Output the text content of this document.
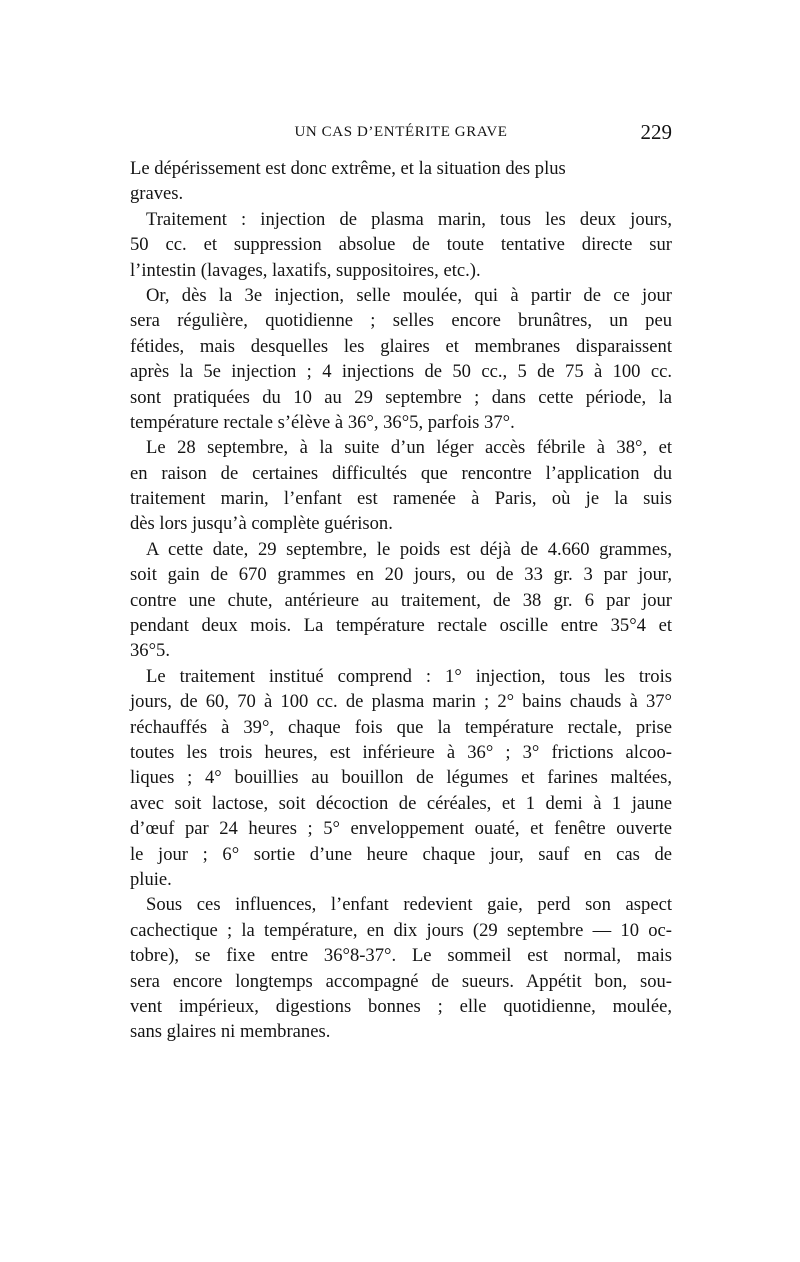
UN CAS D’ENTÉRITE GRAVE	229
Le dépérissement est donc extrême, et la situation des plus
graves.
Traitement : injection de plasma marin, tous les deux jours,
50 cc. et suppression absolue de toute tentative directe sur
l’intestin (lavages, laxatifs, suppositoires, etc.).
Or, dès la 3e injection, selle moulée, qui à partir de ce jour
sera régulière, quotidienne ; selles encore brunâtres, un peu
fétides, mais desquelles les glaires et membranes disparaissent
après la 5e injection ; 4 injections de 50 cc., 5 de 75 à 100 cc.
sont pratiquées du 10 au 29 septembre ; dans cette période, la
température rectale s’élève à 36°, 36°5, parfois 37°.
Le 28 septembre, à la suite d’un léger accès fébrile à 38°, et
en raison de certaines difficultés que rencontre l’application du
traitement marin, l’enfant est ramenée à Paris, où je la suis
dès lors jusqu’à complète guérison.
A cette date, 29 septembre, le poids est déjà de 4.660 grammes,
soit gain de 670 grammes en 20 jours, ou de 33 gr. 3 par jour,
contre une chute, antérieure au traitement, de 38 gr. 6 par jour
pendant deux mois. La température rectale oscille entre 35°4 et
36°5.
Le traitement institué comprend : 1° injection, tous les trois
jours, de 60, 70 à 100 cc. de plasma marin ; 2° bains chauds à 37°
réchauffés à 39°, chaque fois que la température rectale, prise
toutes les trois heures, est inférieure à 36° ; 3° frictions alcoo-
liques ; 4° bouillies au bouillon de légumes et farines maltées,
avec soit lactose, soit décoction de céréales, et 1 demi à 1 jaune
d’œuf par 24 heures ; 5° enveloppement ouaté, et fenêtre ouverte
le jour ; 6° sortie d’une heure chaque jour, sauf en cas de
pluie.
Sous ces influences, l’enfant redevient gaie, perd son aspect
cachectique ; la température, en dix jours (29 septembre — 10 oc-
tobre), se fixe entre 36°8-37°. Le sommeil est normal, mais
sera encore longtemps accompagné de sueurs. Appétit bon, sou-
vent impérieux, digestions bonnes ; elle quotidienne, moulée,
sans glaires ni membranes.
